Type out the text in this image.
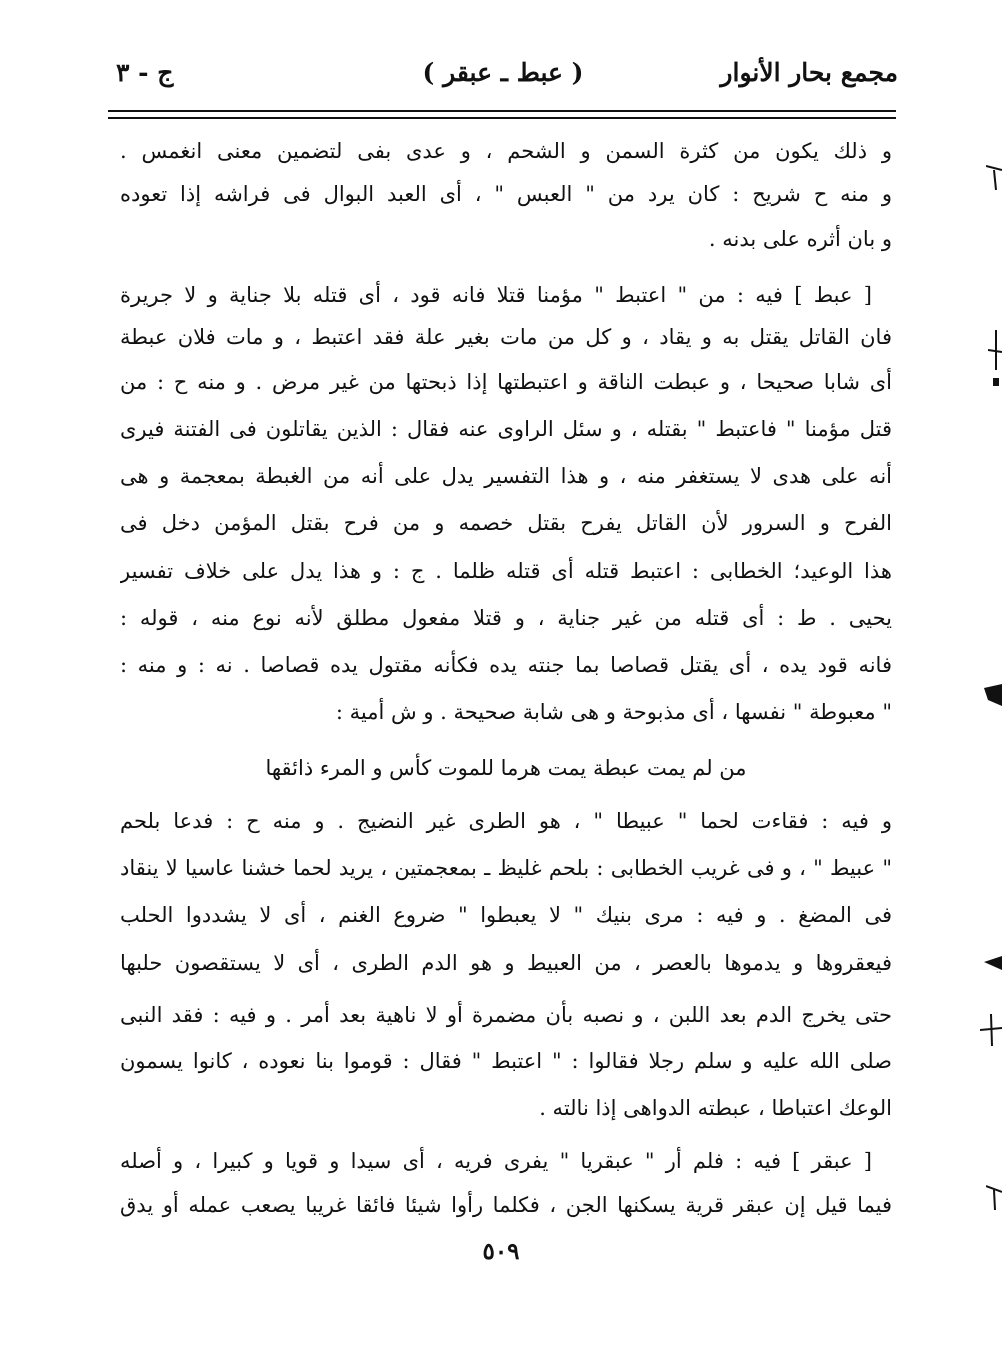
مجمع بحار الأنوار
( عبط ـ عبقر )
ج - ٣
و ذلك يكون من كثرة السمن و الشحم ، و عدى بفى لتضمين معنى انغمس .
و منه ح شريح : كان يرد من " العبس " ، أى العبد البوال فى فراشه إذا تعوده
و بان أثره على بدنه .
[ عبط ] فيه : من " اعتبط " مؤمنا قتلا فانه قود ، أى قتله بلا جناية و لا جريرة
فان القاتل يقتل به و يقاد ، و كل من مات بغير علة فقد اعتبط ، و مات فلان عبطة
أى شابا صحيحا ، و عبطت الناقة و اعتبطتها إذا ذبحتها من غير مرض . و منه ح : من
قتل مؤمنا " فاعتبط " بقتله ، و سئل الراوى عنه فقال : الذين يقاتلون فى الفتنة فيرى
أنه على هدى لا يستغفر منه ، و هذا التفسير يدل على أنه من الغبطة بمعجمة و هى
الفرح و السرور لأن القاتل يفرح بقتل خصمه و من فرح بقتل المؤمن دخل فى
هذا الوعيد؛ الخطابى : اعتبط قتله أى قتله ظلما . ج : و هذا يدل على خلاف تفسير
يحيى . ط : أى قتله من غير جناية ، و قتلا مفعول مطلق لأنه نوع منه ، قوله :
فانه قود يده ، أى يقتل قصاصا بما جنته يده فكأنه مقتول يده قصاصا . نه : و منه :
" معبوطة " نفسها ، أى مذبوحة و هى شابة صحيحة . و ش أمية :
من لم يمت عبطة يمت هرما للموت كأس و المرء ذائقها
و فيه : فقاءت لحما " عبيطا " ، هو الطرى غير النضيج . و منه ح : فدعا بلحم
" عبيط " ، و فى غريب الخطابى : بلحم غليظ ـ بمعجمتين ، يريد لحما خشنا عاسيا لا ينقاد
فى المضغ . و فيه : مرى بنيك " لا يعبطوا " ضروع الغنم ، أى لا يشددوا الحلب
فيعقروها و يدموها بالعصر ، من العبيط و هو الدم الطرى ، أى لا يستقصون حلبها
حتى يخرج الدم بعد اللبن ، و نصبه بأن مضمرة أو لا ناهية بعد أمر . و فيه : فقد النبى
صلى الله عليه و سلم رجلا فقالوا : " اعتبط " فقال : قوموا بنا نعوده ، كانوا يسمون
الوعك اعتباطا ، عبطته الدواهى إذا نالته .
[ عبقر ] فيه : فلم أر " عبقريا " يفرى فريه ، أى سيدا و قويا و كبيرا ، و أصله
فيما قيل إن عبقر قرية يسكنها الجن ، فكلما رأوا شيئا فائقا غريبا يصعب عمله أو يدق
٥٠٩
